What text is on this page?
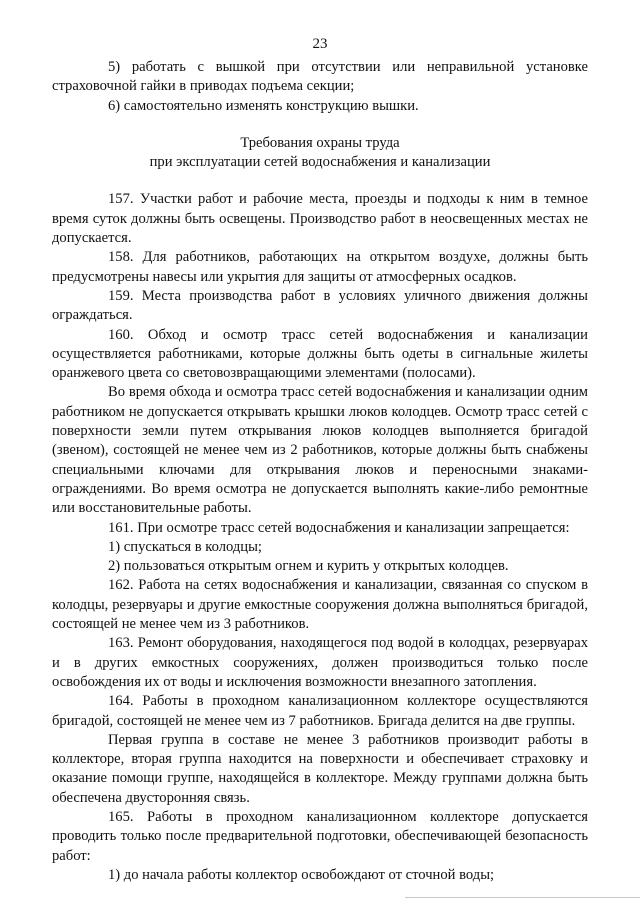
23

5) работать с вышкой при отсутствии или неправильной установке страховочной гайки в приводах подъема секции;

6) самостоятельно изменять конструкцию вышки.

Требования охраны труда
при эксплуатации сетей водоснабжения и канализации

157. Участки работ и рабочие места, проезды и подходы к ним в темное время суток должны быть освещены. Производство работ в неосвещенных местах не допускается.

158. Для работников, работающих на открытом воздухе, должны быть предусмотрены навесы или укрытия для защиты от атмосферных осадков.

159. Места производства работ в условиях уличного движения должны ограждаться.

160. Обход и осмотр трасс сетей водоснабжения и канализации осуществляется работниками, которые должны быть одеты в сигнальные жилеты оранжевого цвета со световозвращающими элементами (полосами).

Во время обхода и осмотра трасс сетей водоснабжения и канализации одним работником не допускается открывать крышки люков колодцев. Осмотр трасс сетей с поверхности земли путем открывания люков колодцев выполняется бригадой (звеном), состоящей не менее чем из 2 работников, которые должны быть снабжены специальными ключами для открывания люков и переносными знаками-ограждениями. Во время осмотра не допускается выполнять какие-либо ремонтные или восстановительные работы.

161. При осмотре трасс сетей водоснабжения и канализации запрещается:

1) спускаться в колодцы;

2) пользоваться открытым огнем и курить у открытых колодцев.

162. Работа на сетях водоснабжения и канализации, связанная со спуском в колодцы, резервуары и другие емкостные сооружения должна выполняться бригадой, состоящей не менее чем из 3 работников.

163. Ремонт оборудования, находящегося под водой в колодцах, резервуарах и в других емкостных сооружениях, должен производиться только после освобождения их от воды и исключения возможности внезапного затопления.

164. Работы в проходном канализационном коллекторе осуществляются бригадой, состоящей не менее чем из 7 работников. Бригада делится на две группы.

Первая группа в составе не менее 3 работников производит работы в коллекторе, вторая группа находится на поверхности и обеспечивает страховку и оказание помощи группе, находящейся в коллекторе. Между группами должна быть обеспечена двусторонняя связь.

165. Работы в проходном канализационном коллекторе допускается проводить только после предварительной подготовки, обеспечивающей безопасность работ:

1) до начала работы коллектор освобождают от сточной воды;
